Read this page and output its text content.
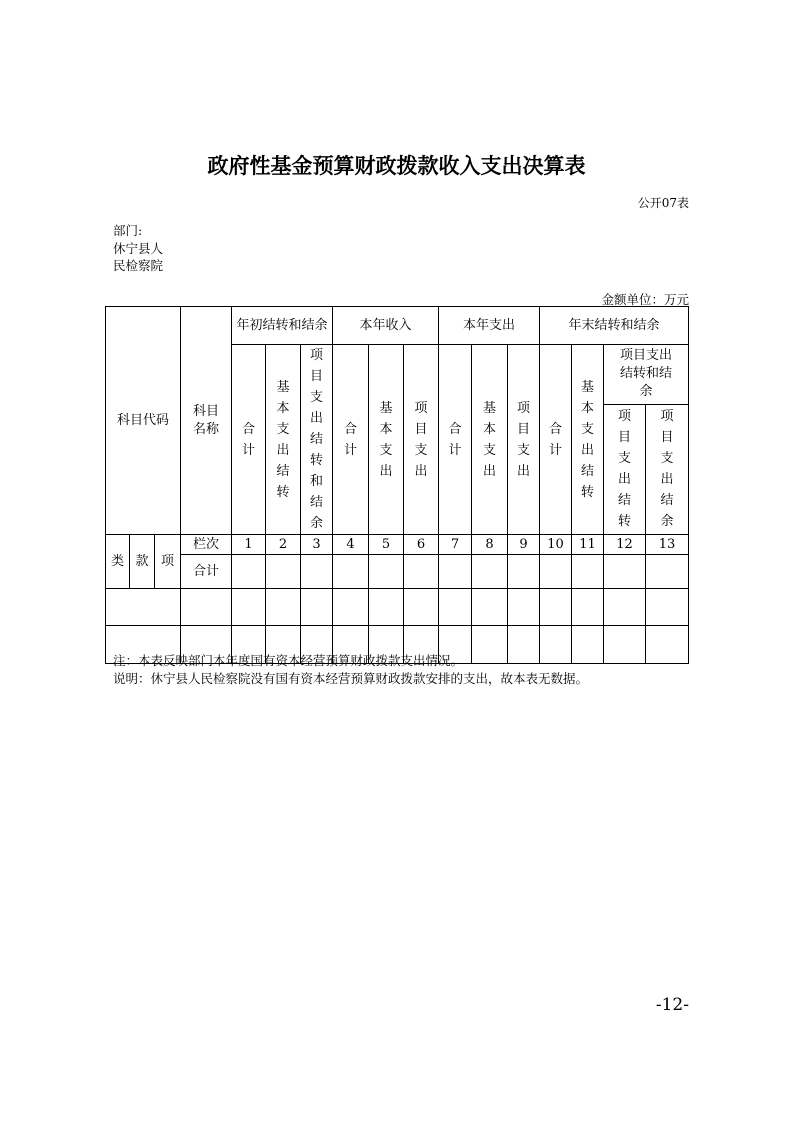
政府性基金预算财政拨款收入支出决算表
公开07表
部门:
休宁县人民检察院
金额单位：万元
科目代码			科目名称	年初结转和结余			本年收入			本年支出			年末结转和结余			

				合计	基本支出结转	项目支出结转和结余	合计	基本支出	项目支出	合计	基本支出	项目支出	合计	基本支出结转	项目支出结转和结余	

															项目支出结转	项目支出结余

类	款	项	栏次	1	2	3	4	5	6	7	8	9	10	11	12	13
			合计													

注：本表反映部门本年度国有资本经营预算财政拨款支出情况。
说明：休宁县人民检察院没有国有资本经营预算财政拨款安排的支出，故本表无数据。
-12-
